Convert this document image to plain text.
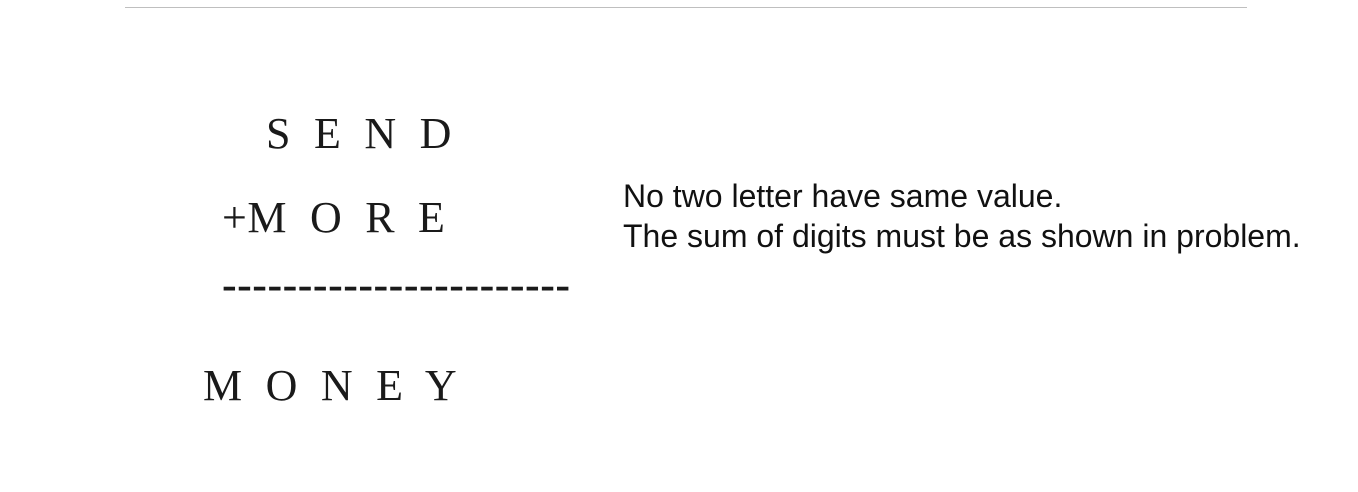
S  E  N  D
+M  O  R  E
-----------------------
M  O  N  E  Y

No two letter have same value.

The sum of digits must be as shown in problem.
